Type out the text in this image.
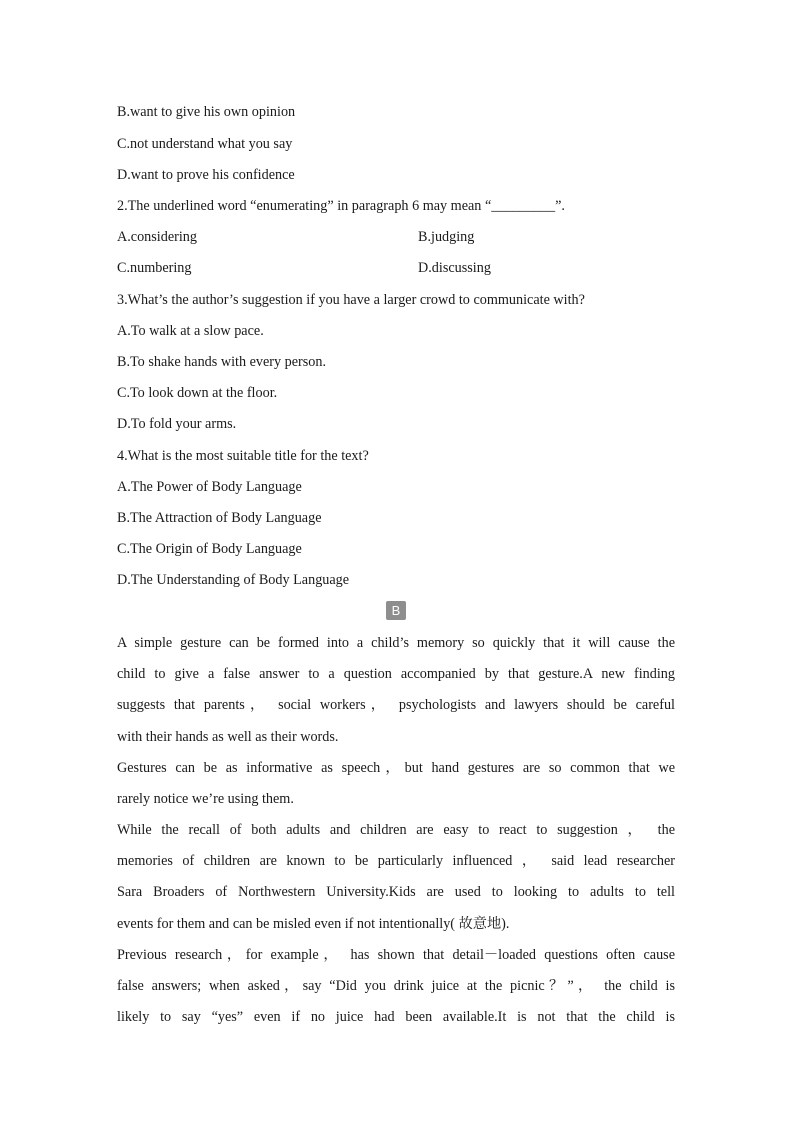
B.want to give his own opinion
C.not understand what you say
D.want to prove his confidence
2.The underlined word “enumerating” in paragraph 6 may mean “_________”.
A.considering	B.judging
C.numbering	D.discussing
3.What’s the author’s suggestion if you have a larger crowd to communicate with?
A.To walk at a slow pace.
B.To shake hands with every person.
C.To look down at the floor.
D.To fold your arms.
4.What is the most suitable title for the text?
A.The Power of Body Language
B.The Attraction of Body Language
C.The Origin of Body Language
D.The Understanding of Body Language
B
A simple gesture can be formed into a child’s memory so quickly that it will cause the
child to give a false answer to a question accompanied by that gesture.A new finding
suggests that parents， social workers， psychologists and lawyers should be careful
with their hands as well as their words.
Gestures can be as informative as speech，but hand gestures are so common that we
rarely notice we’re using them.
While the recall of both adults and children are easy to react to suggestion ， the
memories of children are known to be particularly influenced ， said lead researcher
Sara Broaders of Northwestern University.Kids are used to looking to adults to tell
events for them and can be misled even if not intentionally( 故意地).
Previous research，for example， has shown that detail－loaded questions often cause
false answers; when asked，say “Did you drink juice at the picnic？”， the child is
likely to say “yes” even if no juice had been available.It is not that the child is
